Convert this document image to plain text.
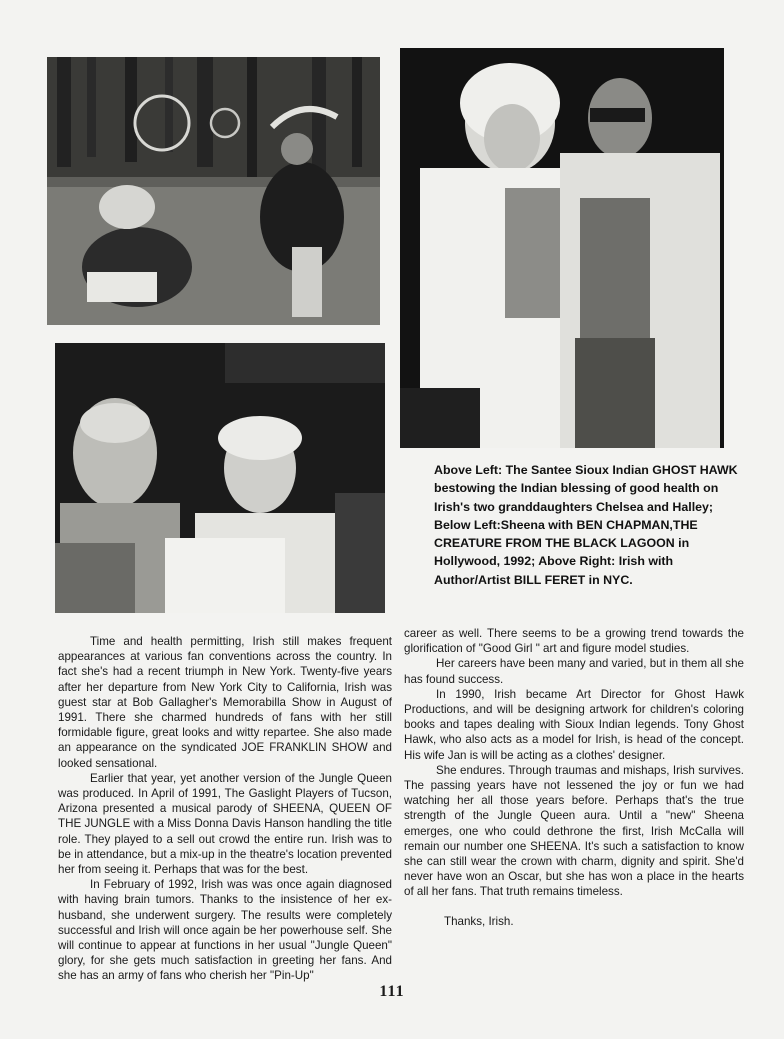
Above Left: The Santee Sioux Indian GHOST HAWK bestowing the Indian blessing of good health on Irish's two granddaughters Chelsea and Halley; Below Left:Sheena with BEN CHAPMAN,THE CREATURE FROM THE BLACK LAGOON in Hollywood, 1992; Above Right: Irish with Author/Artist BILL FERET in NYC.

Time and health permitting, Irish still makes frequent appearances at various fan conventions across the country. In fact she's had a recent triumph in New York. Twenty-five years after her departure from New York City to California, Irish was guest star at Bob Gallagher's Memorabilla Show in August of 1991. There she charmed hundreds of fans with her still formidable figure, great looks and witty repartee. She also made an appearance on the syndicated JOE FRANKLIN SHOW and looked sensational.

Earlier that year, yet another version of the Jungle Queen was produced. In April of 1991, The Gaslight Players of Tucson, Arizona presented a musical parody of SHEENA, QUEEN OF THE JUNGLE with a Miss Donna Davis Hanson handling the title role. They played to a sell out crowd the entire run. Irish was to be in attendance, but a mix-up in the theatre's location prevented her from seeing it. Perhaps that was for the best.

In February of 1992, Irish was was once again diagnosed with having brain tumors. Thanks to the insistence of her ex-husband, she underwent surgery. The results were completely successful and Irish will once again be her powerhouse self. She will continue to appear at functions in her usual "Jungle Queen" glory, for she gets much satisfaction in greeting her fans. And she has an army of fans who cherish her "Pin-Up"

career as well. There seems to be a growing trend towards the glorification of "Good Girl " art and figure model studies.

Her careers have been many and varied, but in them all she has found success.

In 1990, Irish became Art Director for Ghost Hawk Productions, and will be designing artwork for children's coloring books and tapes dealing with Sioux Indian legends. Tony Ghost Hawk, who also acts as a model for Irish, is head of the concept. His wife Jan is will be acting as a clothes' designer.

She endures. Through traumas and mishaps, Irish survives. The passing years have not lessened the joy or fun we had watching her all those years before. Perhaps that's the true strength of the Jungle Queen aura. Until a "new" Sheena emerges, one who could dethrone the first, Irish McCalla will remain our number one SHEENA. It's such a satisfaction to know she can still wear the crown with charm, dignity and spirit. She'd never have won an Oscar, but she has won a place in the hearts of all her fans. That truth remains timeless.

Thanks, Irish.

111
